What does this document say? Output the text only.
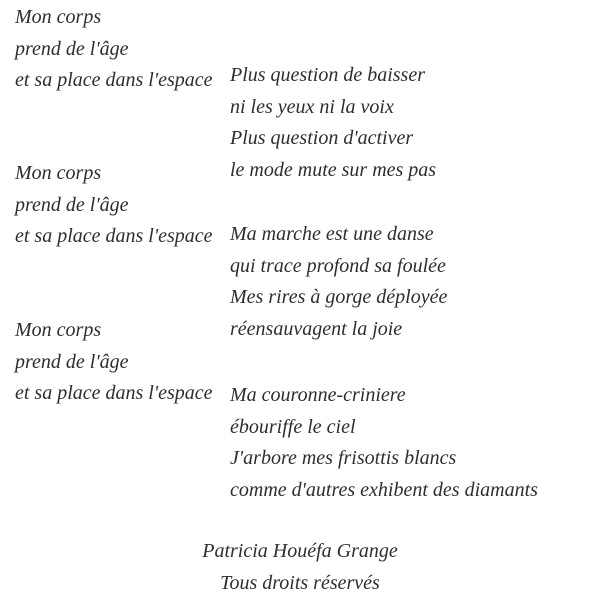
Mon corps
prend de l'âge
et sa place dans l'espace
Mon corps
prend de l'âge
et sa place dans l'espace
Mon corps
prend de l'âge
et sa place dans l'espace
Plus question de baisser
ni les yeux ni la voix
Plus question d'activer
le mode mute sur mes pas
Ma marche est une danse
qui trace profond sa foulée
Mes rires à gorge déployée
réensauvagent la joie
Ma couronne-criniere
ébouriffe le ciel
J'arbore mes frisottis blancs
comme d'autres exhibent des diamants
Patricia Houéfa Grange
Tous droits réservés
